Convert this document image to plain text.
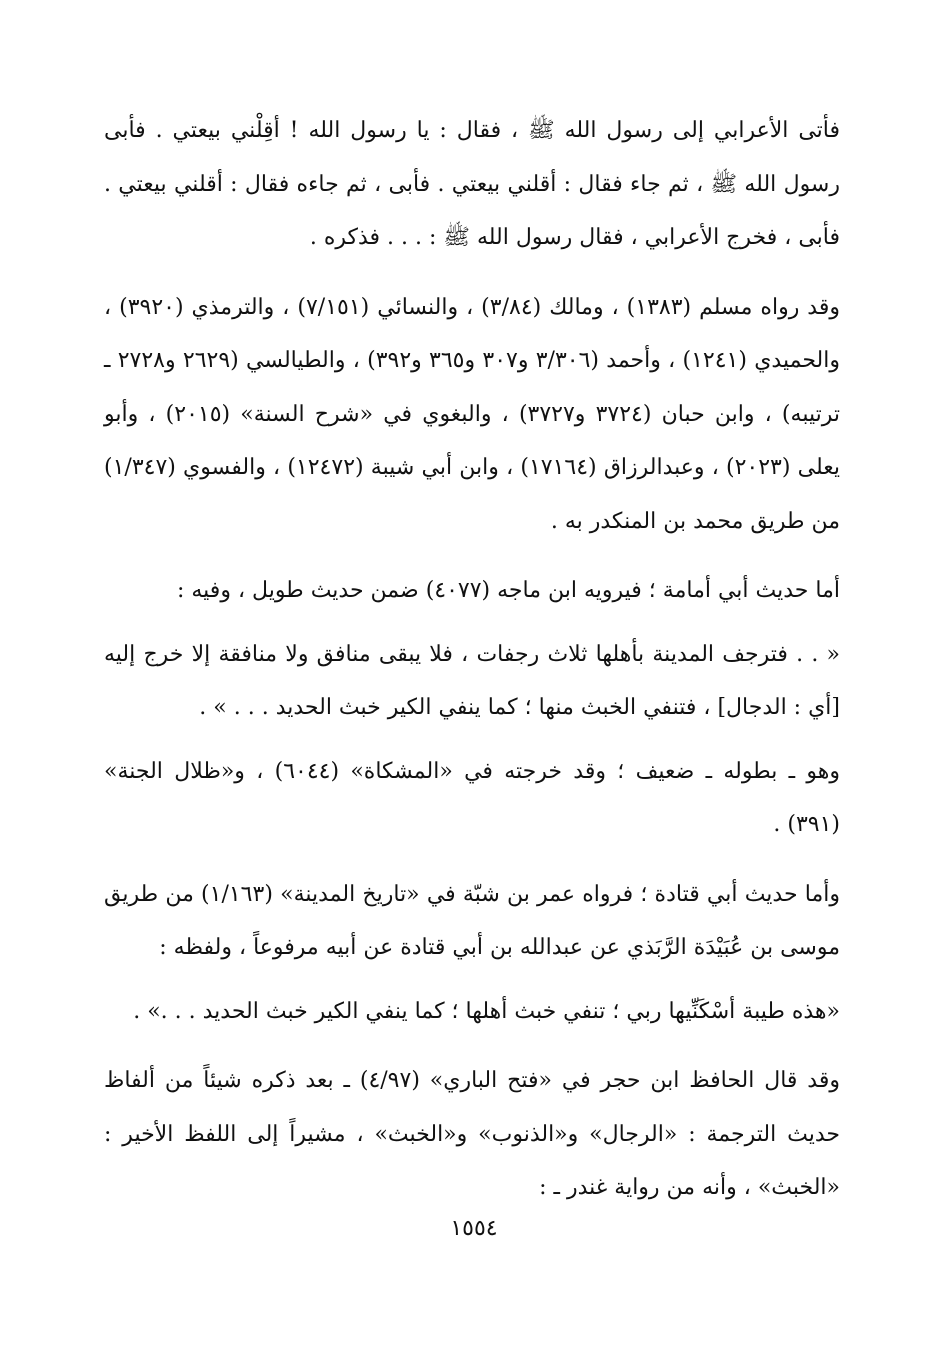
فأتى الأعرابي إلى رسول الله ﷺ ، فقال : يا رسول الله ! أقِلْني بيعتي . فأبى رسول الله ﷺ ، ثم جاء فقال : أقلني بيعتي . فأبى ، ثم جاءه فقال : أقلني بيعتي . فأبى ، فخرج الأعرابي ، فقال رسول الله ﷺ : . . . فذكره .

وقد رواه مسلم (١٣٨٣) ، ومالك (٣/٨٤) ، والنسائي (٧/١٥١) ، والترمذي (٣٩٢٠) ، والحميدي (١٢٤١) ، وأحمد (٣/٣٠٦ و٣٠٧ و٣٦٥ و٣٩٢) ، والطيالسي (٢٦٢٩ و٢٧٢٨ ـ ترتيبه) ، وابن حبان (٣٧٢٤ و٣٧٢٧) ، والبغوي في «شرح السنة» (٢٠١٥) ، وأبو يعلى (٢٠٢٣) ، وعبدالرزاق (١٧١٦٤) ، وابن أبي شيبة (١٢٤٧٢) ، والفسوي (١/٣٤٧) من طريق محمد بن المنكدر به .

أما حديث أبي أمامة ؛ فيرويه ابن ماجه (٤٠٧٧) ضمن حديث طويل ، وفيه :

« . . فترجف المدينة بأهلها ثلاث رجفات ، فلا يبقى منافق ولا منافقة إلا خرج إليه [أي : الدجال] ، فتنفي الخبث منها ؛ كما ينفي الكير خبث الحديد . . . » .

وهو ـ بطوله ـ ضعيف ؛ وقد خرجته في «المشكاة» (٦٠٤٤) ، و«ظلال الجنة» (٣٩١) .

وأما حديث أبي قتادة ؛ فرواه عمر بن شبّة في «تاريخ المدينة» (١/١٦٣) من طريق موسى بن عُبَيْدَة الرَّبَذي عن عبدالله بن أبي قتادة عن أبيه مرفوعاً ، ولفظه :

«هذه طيبة أسْكَنِّيها ربي ؛ تنفي خبث أهلها ؛ كما ينفي الكير خبث الحديد . . .» .

وقد قال الحافظ ابن حجر في «فتح الباري» (٤/٩٧) ـ بعد ذكره شيئاً من ألفاظ حديث الترجمة : «الرجال» و«الذنوب» و«الخبث» ، مشيراً إلى اللفظ الأخير : «الخبث» ، وأنه من رواية غندر ـ :

١٥٥٤
